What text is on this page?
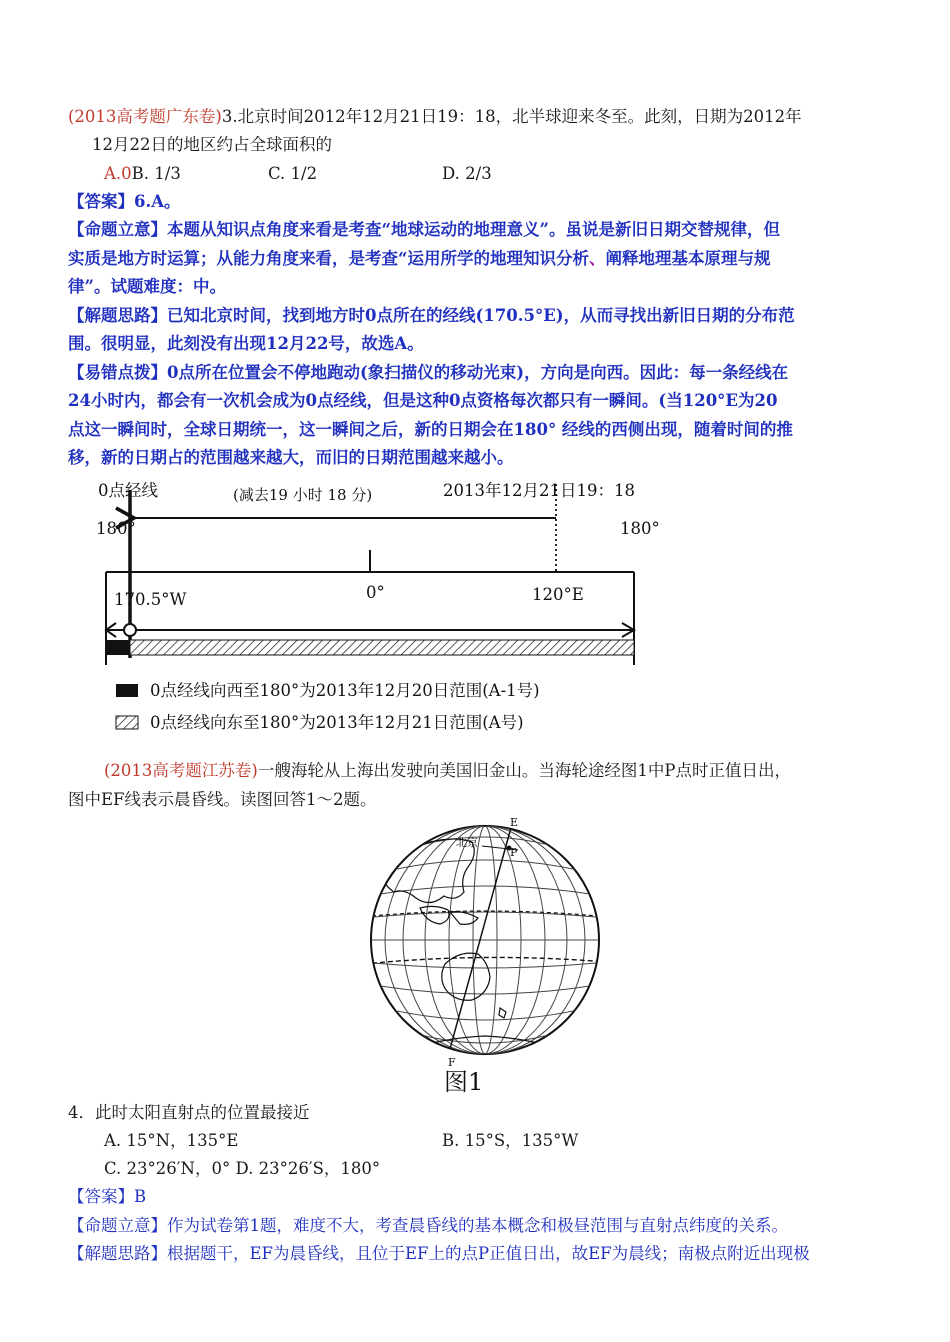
(2013高考题广东卷)3.北京时间2012年12月21日19：18，北半球迎来冬至。此刻，日期为2012年
12月22日的地区约占全球面积的
A.0B. 1/3	C. 1/2	D. 2/3
【答案】6.A。
【命题立意】本题从知识点角度来看是考查“地球运动的地理意义”。虽说是新旧日期交替规律，但
实质是地方时运算；从能力角度来看，是考查“运用所学的地理知识分析、阐释地理基本原理与规
律”。试题难度：中。
【解题思路】已知北京时间，找到地方时0点所在的经线(170.5°E)，从而寻找出新旧日期的分布范
围。很明显，此刻没有出现12月22号，故选A。
【易错点拨】0点所在位置会不停地跑动(象扫描仪的移动光束)，方向是向西。因此：每一条经线在
24小时内，都会有一次机会成为0点经线，但是这种0点资格每次都只有一瞬间。(当120°E为20
点这一瞬间时，全球日期统一，这一瞬间之后，新的日期会在180° 经线的西侧出现，随着时间的推
移，新的日期占的范围越来越大，而旧的日期范围越来越小。
0点经线	(减去19 小时 18 分)	2013年12月21日19：18
180°	180°
170.5°W	0°	120°E
0点经线向西至180°为2013年12月20日范围(A-1号)
0点经线向东至180°为2013年12月21日范围(A号)
(2013高考题江苏卷)一艘海轮从上海出发驶向美国旧金山。当海轮途经图1中P点时正值日出，
图中EF线表示晨昏线。读图回答1～2题。
北京
E
P
F
图1
4．此时太阳直射点的位置最接近
A. 15°N，135°E	B. 15°S，135°W
C. 23°26′N，0° D. 23°26′S，180°
【答案】B
【命题立意】作为试卷第1题，难度不大，考查晨昏线的基本概念和极昼范围与直射点纬度的关系。
【解题思路】根据题干，EF为晨昏线，且位于EF上的点P正值日出，故EF为晨线；南极点附近出现极
